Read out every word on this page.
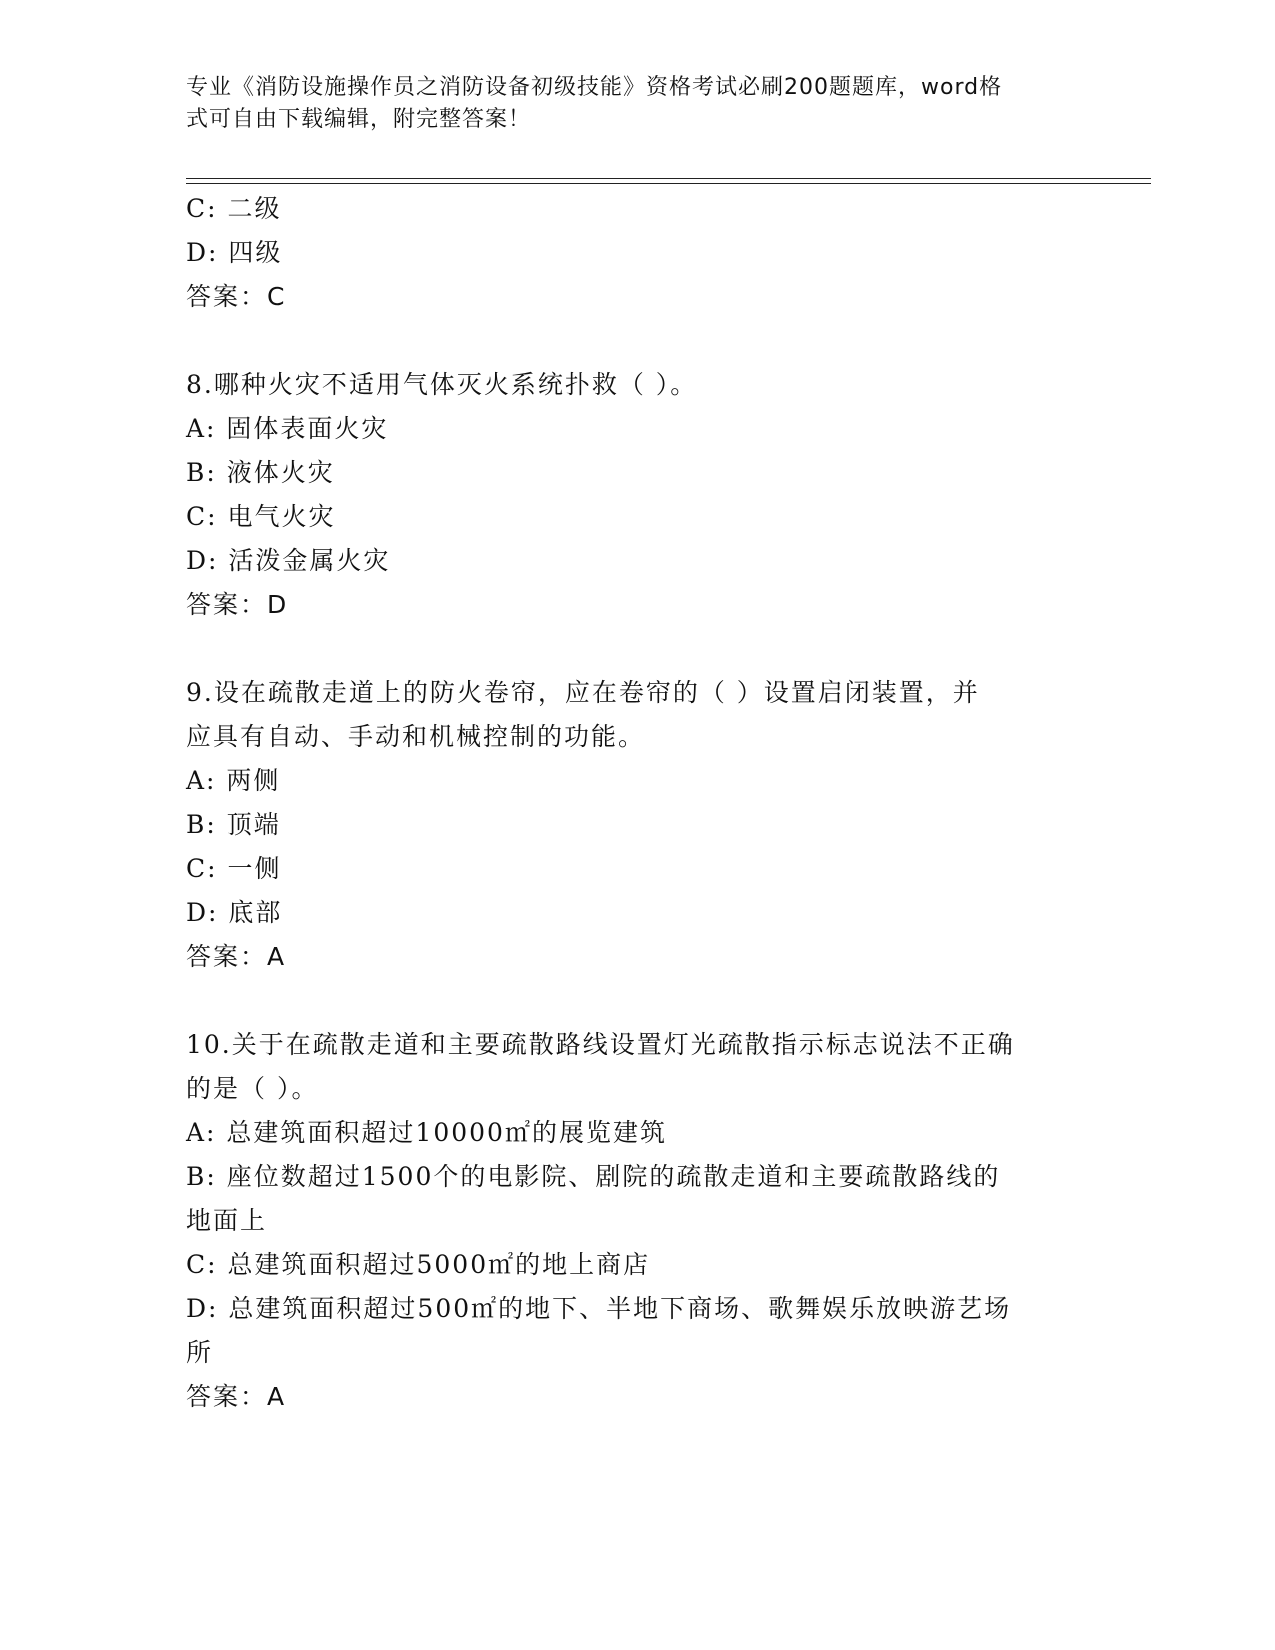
专业《消防设施操作员之消防设备初级技能》资格考试必刷200题题库，word格
式可自由下载编辑，附完整答案！
C: 二级
D: 四级
答案：C
8.哪种火灾不适用气体灭火系统扑救（ ）。
A: 固体表面火灾
B: 液体火灾
C: 电气火灾
D: 活泼金属火灾
答案：D
9.设在疏散走道上的防火卷帘，应在卷帘的（ ）设置启闭装置，并
应具有自动、手动和机械控制的功能。
A: 两侧
B: 顶端
C: 一侧
D: 底部
答案：A
10.关于在疏散走道和主要疏散路线设置灯光疏散指示标志说法不正确
的是（ ）。
A: 总建筑面积超过10000㎡的展览建筑
B: 座位数超过1500个的电影院、剧院的疏散走道和主要疏散路线的
地面上
C: 总建筑面积超过5000㎡的地上商店
D: 总建筑面积超过500㎡的地下、半地下商场、歌舞娱乐放映游艺场
所
答案：A
